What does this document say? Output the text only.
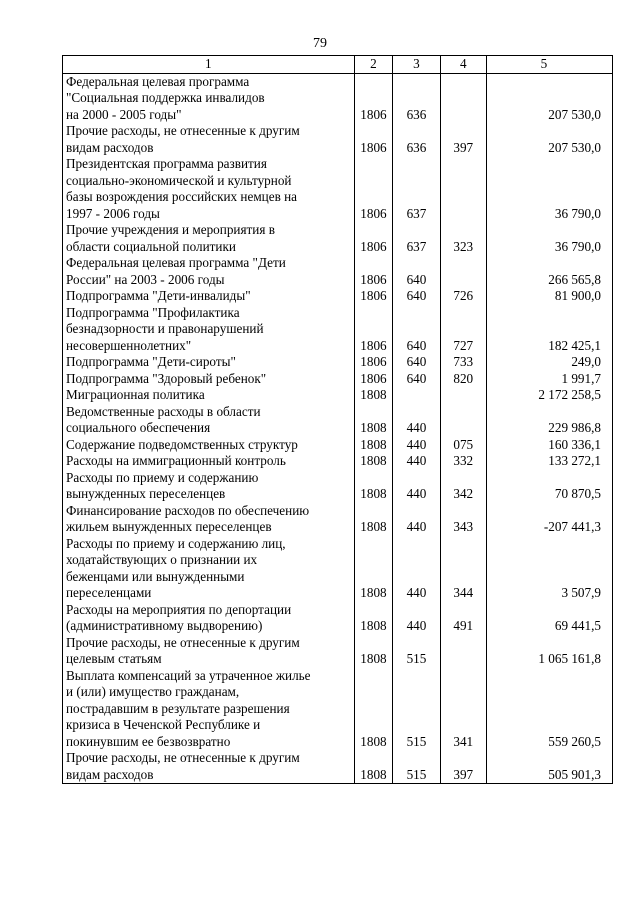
79
1	2	3	4	5

Федеральная целевая программа
"Социальная поддержка инвалидов
на 2000 - 2005 годы"	1806	636		207 530,0

Прочие расходы, не отнесенные к другим
видам расходов	1806	636	397	207 530,0

Президентская программа развития
социально-экономической и культурной
базы возрождения российских немцев на
1997 - 2006 годы	1806	637		36 790,0

Прочие учреждения и мероприятия в
области социальной политики	1806	637	323	36 790,0

Федеральная целевая программа "Дети
России" на 2003 - 2006 годы	1806	640		266 565,8

Подпрограмма "Дети-инвалиды"	1806	640	726	81 900,0

Подпрограмма "Профилактика
безнадзорности и правонарушений
несовершеннолетних"	1806	640	727	182 425,1

Подпрограмма "Дети-сироты"	1806	640	733	249,0

Подпрограмма "Здоровый ребенок"	1806	640	820	1 991,7

Миграционная политика	1808			2 172 258,5

Ведомственные расходы в области
социального обеспечения	1808	440		229 986,8

Содержание подведомственных структур	1808	440	075	160 336,1

Расходы на иммиграционный контроль	1808	440	332	133 272,1

Расходы по приему и содержанию
вынужденных переселенцев	1808	440	342	70 870,5

Финансирование расходов по обеспечению
жильем вынужденных переселенцев	1808	440	343	-207 441,3

Расходы по приему и содержанию лиц,
ходатайствующих о признании их
беженцами или вынужденными
переселенцами	1808	440	344	3 507,9

Расходы на мероприятия по депортации
(административному выдворению)	1808	440	491	69 441,5

Прочие расходы, не отнесенные к другим
целевым статьям	1808	515		1 065 161,8

Выплата компенсаций за утраченное жилье
и (или) имущество гражданам,
пострадавшим в результате разрешения
кризиса в Чеченской Республике и
покинувшим ее безвозвратно	1808	515	341	559 260,5

Прочие расходы, не отнесенные к другим
видам расходов	1808	515	397	505 901,3
